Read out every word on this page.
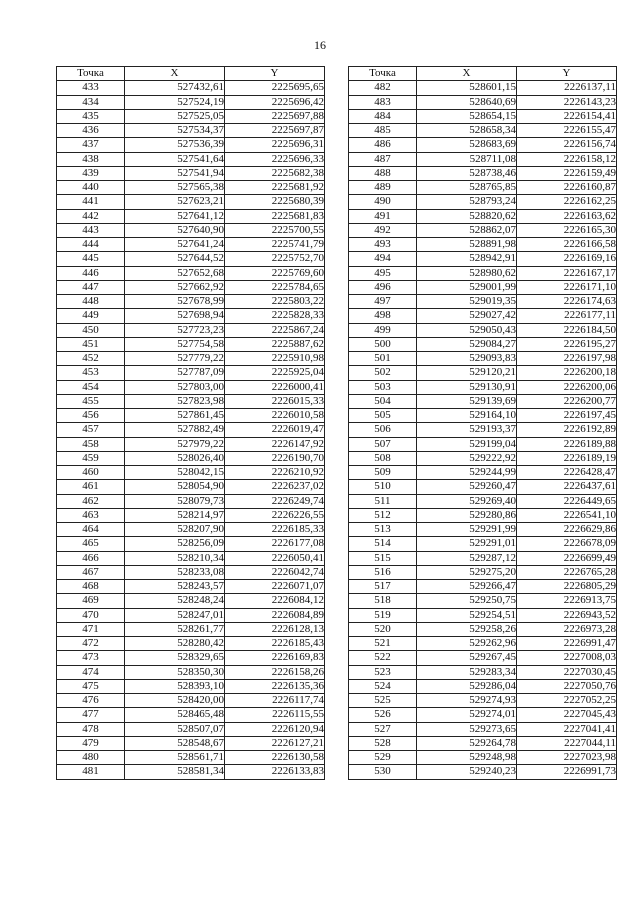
16
Точка	X	Y
433	527432,61	2225695,65
434	527524,19	2225696,42
435	527525,05	2225697,88
436	527534,37	2225697,87
437	527536,39	2225696,31
438	527541,64	2225696,33
439	527541,94	2225682,38
440	527565,38	2225681,92
441	527623,21	2225680,39
442	527641,12	2225681,83
443	527640,90	2225700,55
444	527641,24	2225741,79
445	527644,52	2225752,70
446	527652,68	2225769,60
447	527662,92	2225784,65
448	527678,99	2225803,22
449	527698,94	2225828,33
450	527723,23	2225867,24
451	527754,58	2225887,62
452	527779,22	2225910,98
453	527787,09	2225925,04
454	527803,00	2226000,41
455	527823,98	2226015,33
456	527861,45	2226010,58
457	527882,49	2226019,47
458	527979,22	2226147,92
459	528026,40	2226190,70
460	528042,15	2226210,92
461	528054,90	2226237,02
462	528079,73	2226249,74
463	528214,97	2226226,55
464	528207,90	2226185,33
465	528256,09	2226177,08
466	528210,34	2226050,41
467	528233,08	2226042,74
468	528243,57	2226071,07
469	528248,24	2226084,12
470	528247,01	2226084,89
471	528261,77	2226128,13
472	528280,42	2226185,43
473	528329,65	2226169,83
474	528350,30	2226158,26
475	528393,10	2226135,36
476	528420,00	2226117,74
477	528465,48	2226115,55
478	528507,07	2226120,94
479	528548,67	2226127,21
480	528561,71	2226130,58
481	528581,34	2226133,83
Точка	X	Y
482	528601,15	2226137,11
483	528640,69	2226143,23
484	528654,15	2226154,41
485	528658,34	2226155,47
486	528683,69	2226156,74
487	528711,08	2226158,12
488	528738,46	2226159,49
489	528765,85	2226160,87
490	528793,24	2226162,25
491	528820,62	2226163,62
492	528862,07	2226165,30
493	528891,98	2226166,58
494	528942,91	2226169,16
495	528980,62	2226167,17
496	529001,99	2226171,10
497	529019,35	2226174,63
498	529027,42	2226177,11
499	529050,43	2226184,50
500	529084,27	2226195,27
501	529093,83	2226197,98
502	529120,21	2226200,18
503	529130,91	2226200,06
504	529139,69	2226200,77
505	529164,10	2226197,45
506	529193,37	2226192,89
507	529199,04	2226189,88
508	529222,92	2226189,19
509	529244,99	2226428,47
510	529260,47	2226437,61
511	529269,40	2226449,65
512	529280,86	2226541,10
513	529291,99	2226629,86
514	529291,01	2226678,09
515	529287,12	2226699,49
516	529275,20	2226765,28
517	529266,47	2226805,29
518	529250,75	2226913,75
519	529254,51	2226943,52
520	529258,26	2226973,28
521	529262,96	2226991,47
522	529267,45	2227008,03
523	529283,34	2227030,45
524	529286,04	2227050,76
525	529274,93	2227052,25
526	529274,01	2227045,43
527	529273,65	2227041,41
528	529264,78	2227044,11
529	529248,98	2227023,98
530	529240,23	2226991,73
